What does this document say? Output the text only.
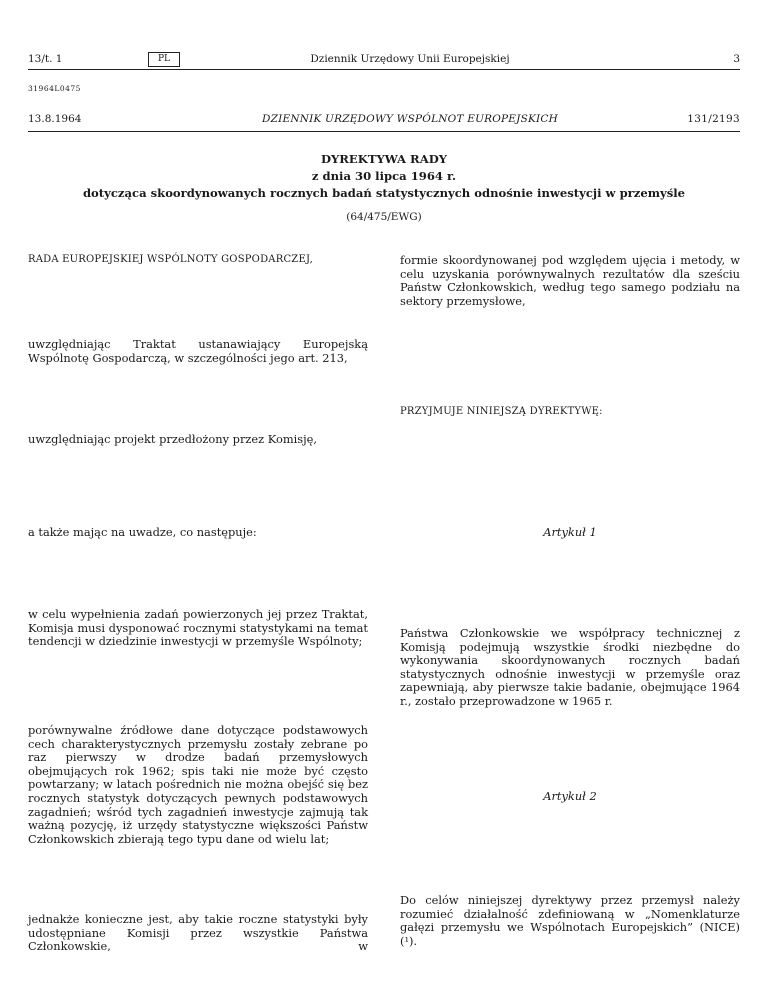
13/t. 1	PL	Dziennik Urzędowy Unii Europejskiej	3
31964L0475
13.8.1964	DZIENNIK URZĘDOWY WSPÓLNOT EUROPEJSKICH	131/2193
DYREKTYWA RADY
z dnia 30 lipca 1964 r.
dotycząca skoordynowanych rocznych badań statystycznych odnośnie inwestycji w przemyśle
(64/475/EWG)
RADA EUROPEJSKIEJ WSPÓLNOTY GOSPODARCZEJ,
uwzględniając Traktat ustanawiający Europejską Wspólnotę Gospodarczą, w szczególności jego art. 213,
uwzględniając projekt przedłożony przez Komisję,
a także mając na uwadze, co następuje:
w celu wypełnienia zadań powierzonych jej przez Traktat, Komisja musi dysponować rocznymi statystykami na temat tendencji w dziedzinie inwestycji w przemyśle Wspólnoty;
porównywalne źródłowe dane dotyczące podstawowych cech charakterystycznych przemysłu zostały zebrane po raz pierwszy w drodze badań przemysłowych obejmujących rok 1962; spis taki nie może być często powtarzany; w latach pośrednich nie można obejść się bez rocznych statystyk dotyczących pewnych podstawowych zagadnień; wśród tych zagadnień inwestycje zajmują tak ważną pozycję, iż urzędy statystyczne większości Państw Członkowskich zbierają tego typu dane od wielu lat;
jednakże konieczne jest, aby takie roczne statystyki były udostępniane Komisji przez wszystkie Państwa Członkowskie, w
formie skoordynowanej pod względem ujęcia i metody, w celu uzyskania porównywalnych rezultatów dla sześciu Państw Członkowskich, według tego samego podziału na sektory przemysłowe,
PRZYJMUJE NINIEJSZĄ DYREKTYWĘ:
Artykuł 1
Państwa Członkowskie we współpracy technicznej z Komisją podejmują wszystkie środki niezbędne do wykonywania skoordynowanych rocznych badań statystycznych odnośnie inwestycji w przemyśle oraz zapewniają, aby pierwsze takie badanie, obejmujące 1964 r., zostało przeprowadzone w 1965 r.
Artykuł 2
Do celów niniejszej dyrektywy przez przemysł należy rozumieć działalność zdefiniowaną w „Nomenklaturze gałęzi przemysłu we Wspólnotach Europejskich” (NICE) (¹).
